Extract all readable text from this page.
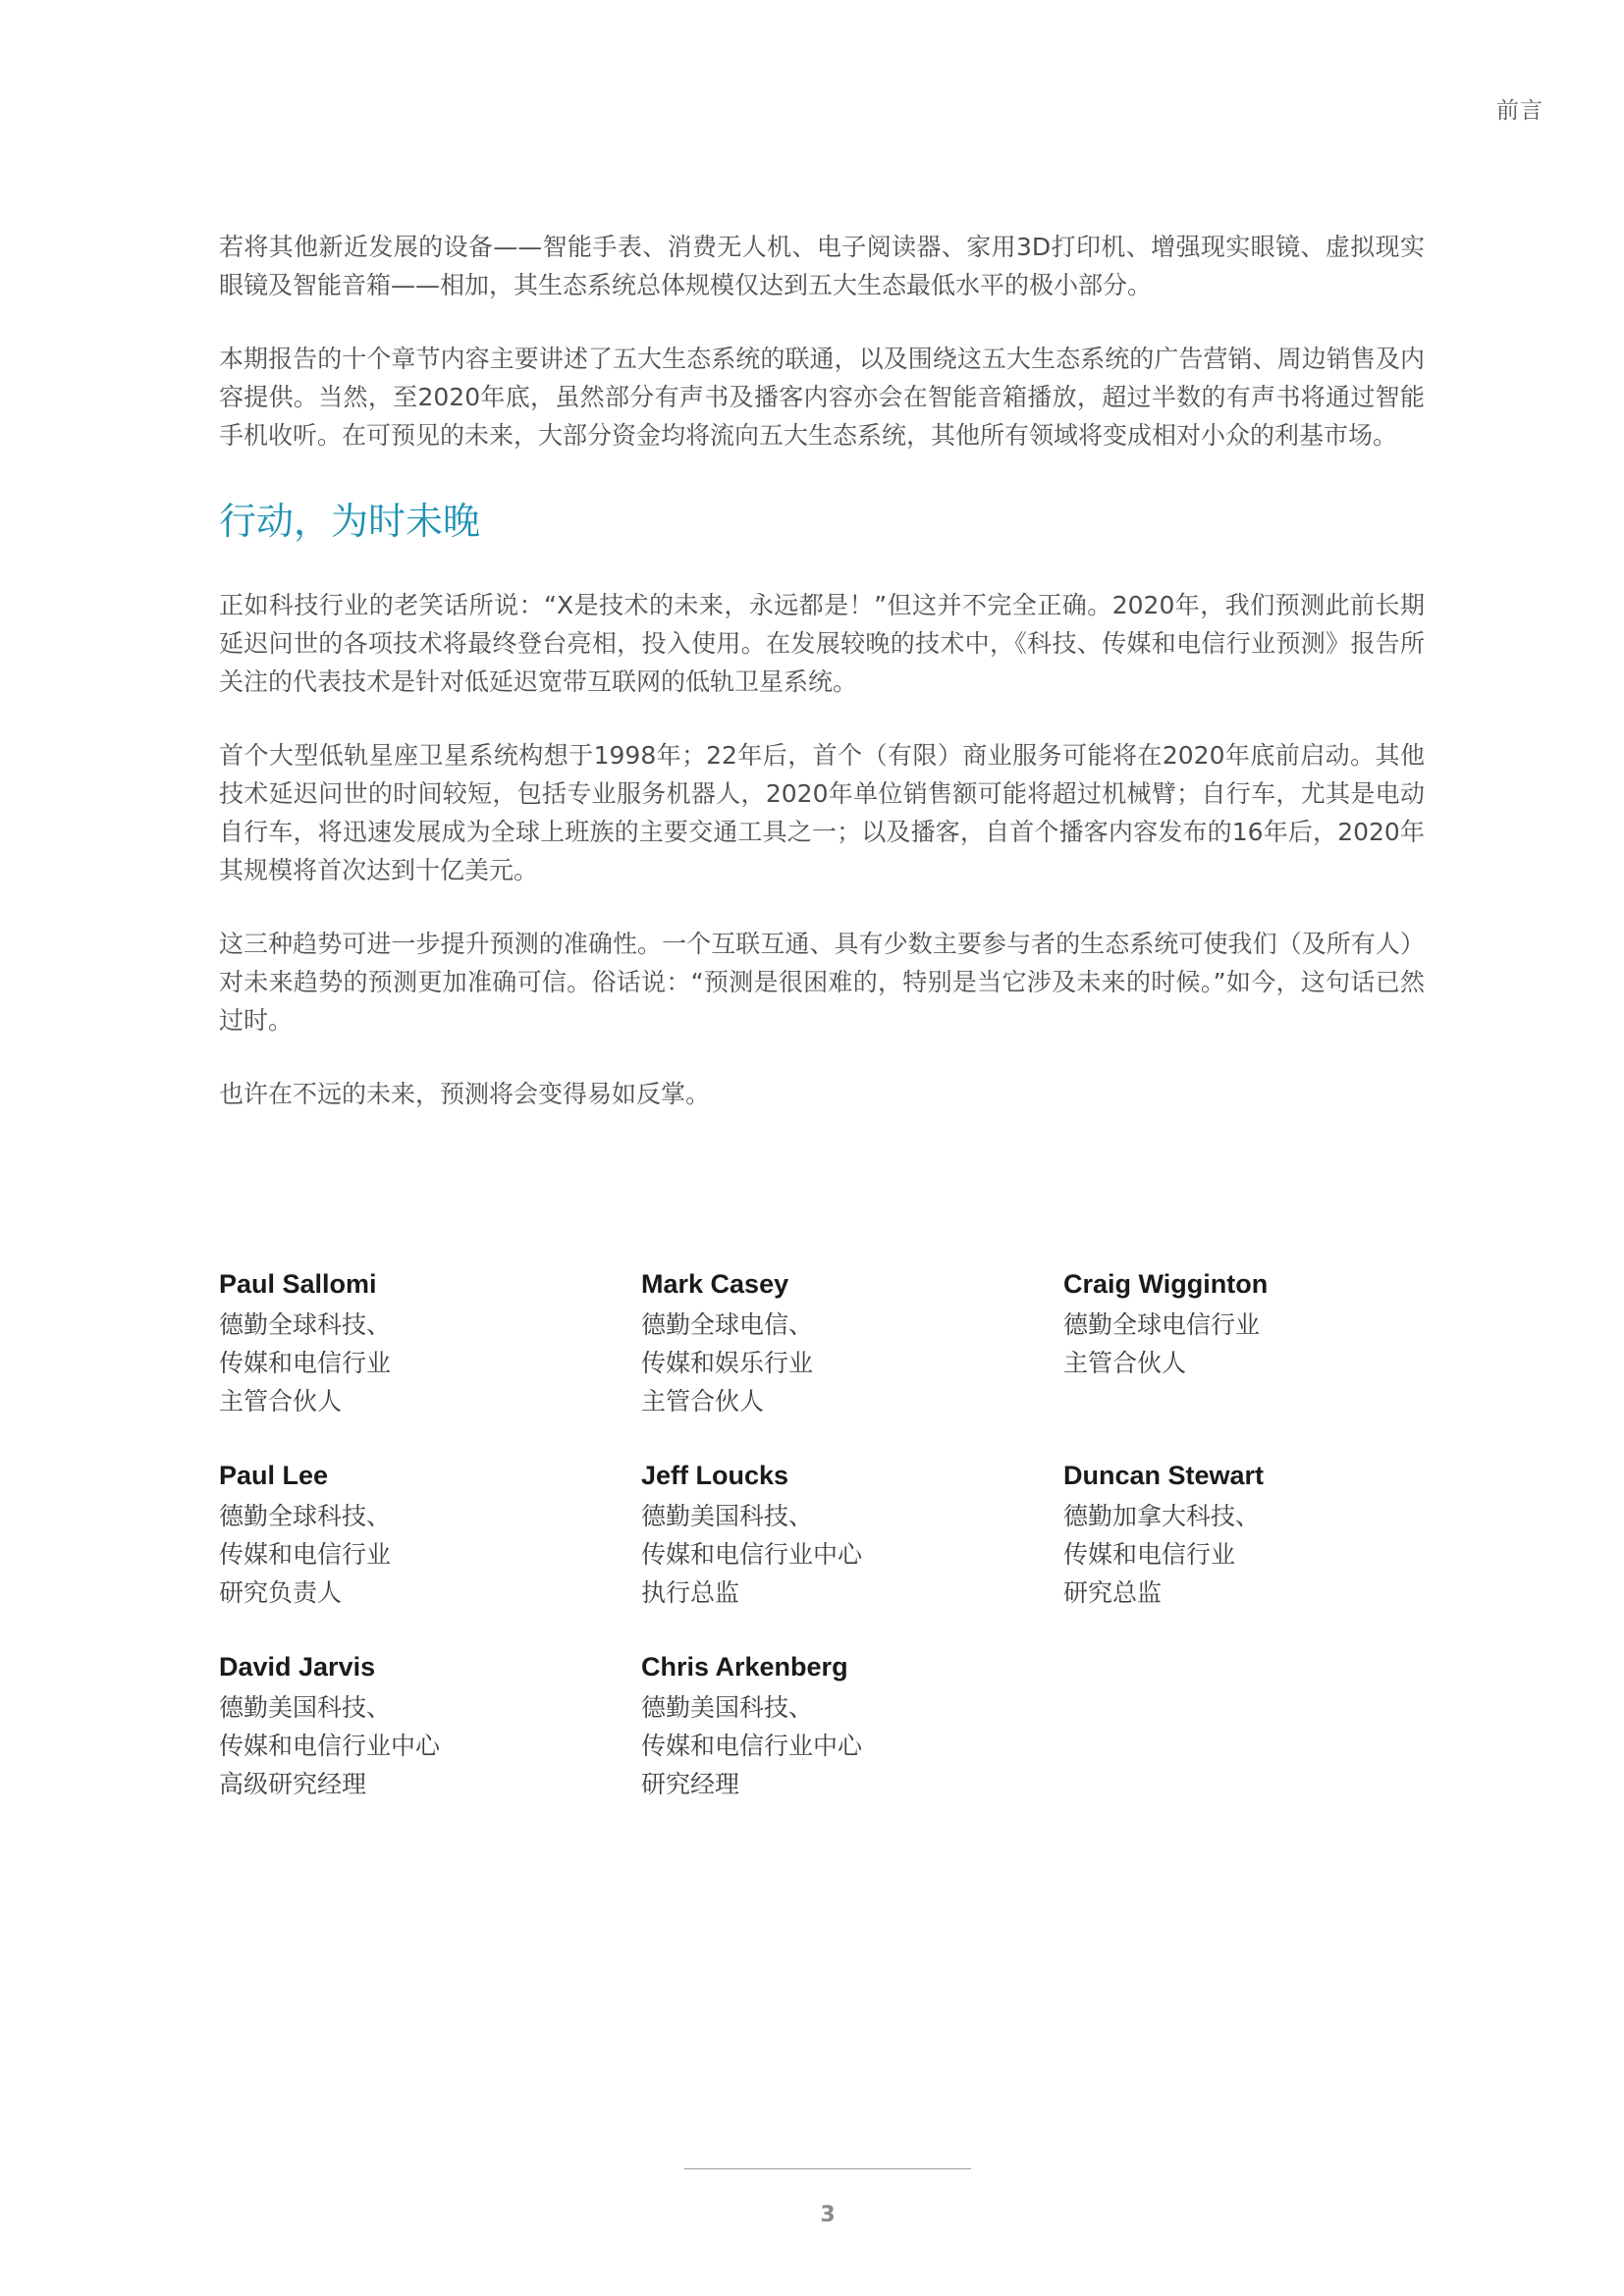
前言

若将其他新近发展的设备——智能手表、消费无人机、电子阅读器、家用3D打印机、增强现实眼镜、虚拟现实眼镜及智能音箱——相加，其生态系统总体规模仅达到五大生态最低水平的极小部分。

本期报告的十个章节内容主要讲述了五大生态系统的联通，以及围绕这五大生态系统的广告营销、周边销售及内容提供。当然，至2020年底，虽然部分有声书及播客内容亦会在智能音箱播放，超过半数的有声书将通过智能手机收听。在可预见的未来，大部分资金均将流向五大生态系统，其他所有领域将变成相对小众的利基市场。

行动，为时未晚

正如科技行业的老笑话所说：“X是技术的未来，永远都是！”但这并不完全正确。2020年，我们预测此前长期延迟问世的各项技术将最终登台亮相，投入使用。在发展较晚的技术中，《科技、传媒和电信行业预测》报告所关注的代表技术是针对低延迟宽带互联网的低轨卫星系统。

首个大型低轨星座卫星系统构想于1998年；22年后，首个（有限）商业服务可能将在2020年底前启动。其他技术延迟问世的时间较短，包括专业服务机器人，2020年单位销售额可能将超过机械臂；自行车，尤其是电动自行车，将迅速发展成为全球上班族的主要交通工具之一；以及播客，自首个播客内容发布的16年后，2020年其规模将首次达到十亿美元。

这三种趋势可进一步提升预测的准确性。一个互联互通、具有少数主要参与者的生态系统可使我们（及所有人）对未来趋势的预测更加准确可信。俗话说：“预测是很困难的，特别是当它涉及未来的时候。”如今，这句话已然过时。

也许在不远的未来，预测将会变得易如反掌。

Paul Sallomi
德勤全球科技、
传媒和电信行业
主管合伙人
Mark Casey
德勤全球电信、
传媒和娱乐行业
主管合伙人
Craig Wigginton
德勤全球电信行业
主管合伙人
Paul Lee
德勤全球科技、
传媒和电信行业
研究负责人
Jeff Loucks
德勤美国科技、
传媒和电信行业中心
执行总监
Duncan Stewart
德勤加拿大科技、
传媒和电信行业
研究总监
David Jarvis
德勤美国科技、
传媒和电信行业中心
高级研究经理
Chris Arkenberg
德勤美国科技、
传媒和电信行业中心
研究经理
3
